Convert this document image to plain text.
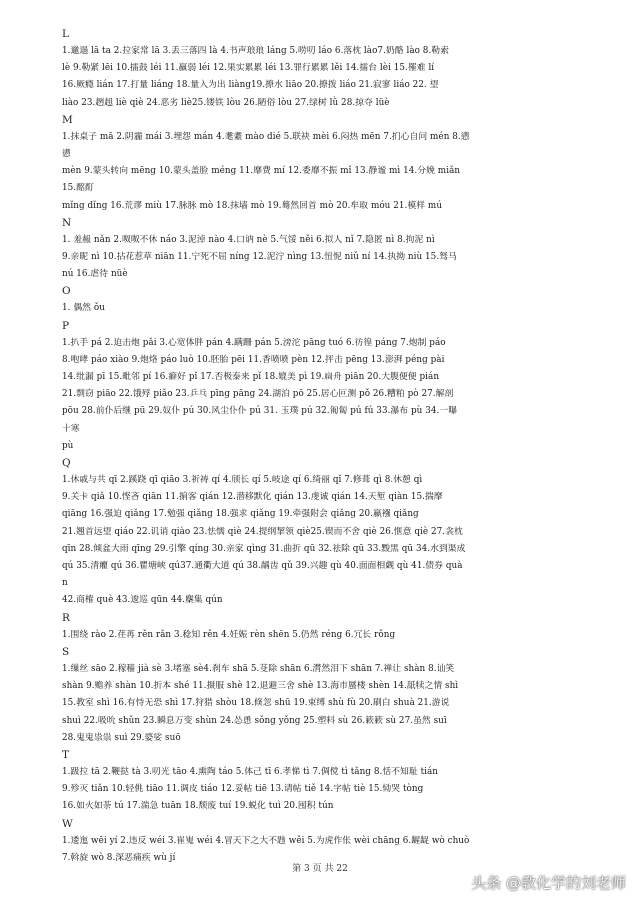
L
1.邋遢 lā ta 2.拉家常 lā 3.丢三落四 là 4.书声琅琅 láng 5.唠叨 láo 6.落枕 lào7.奶酪 lào 8.勒索
lè 9.勒紧 lēi 10.擂鼓 léi 11.羸弱 léi 12.果实累累 léi 13.罪行累累 lěi 14.擂台 lèi 15.罹难 lí
16.厥瘾 lián 17.打量 liáng 18.量入为出 liàng19.撩水 liāo 20.撩拨 liáo 21.寂寥 liáo 22. 望
liào 23.趔趄 liè qiè 24.恶劣 liè25.镂铁 lòu 26.陋俗 lòu 27.绿树 lǜ 28.掠夺 lüè
M
1.抹桌子 mā 2.阴霾 mái 3.埋怨 mán 4.耄耋 mào dié 5.联袂 mèi 6.闷热 mēn 7.扪心自问 mén 8.懑
懑
mèn 9.蒙头转向 mēng 10.蒙头盖脸 méng 11.靡费 mí 12.委靡不振 mǐ 13.静谧 mì 14.分娩 miǎn
15.酩酊
mǐng dǐng 16.荒谬 miù 17.脉脉 mò 18.抹墙 mò 19.蓦然回首 mò 20.牟取 móu 21.模样 mú
N
1. 羞赧 nǎn 2.呶呶不休 náo 3.泥淖 nào 4.口讷 nè 5.气馁 něi 6.拟人 nǐ 7.隐匿 nì 8.拘泥 nì
9.亲昵 nì 10.拈花惹草 niān 11.宁死不屈 níng 12.泥泞 nìng 13.忸怩 niǔ ní 14.执拗 niù 15.驽马
nú 16.虐待 nüè
O
1. 偶然 ǒu
P
1.扒手 pá 2.迫击炮 pǎi 3.心宽体胖 pán 4.蹒跚 pán 5.滂沱 pāng tuó 6.彷徨 páng 7.炮制 páo
8.咆哮 páo xiào 9.炮烙 páo luò 10.胚胎 pēi 11.香喷喷 pèn 12.抨击 pēng 13.澎湃 péng pài
14.纰漏 pī 15.毗邻 pí 16.癖好 pǐ 17.否极泰来 pǐ 18.媲美 pì 19.扁舟 piān 20.大腹便便 pián
21.剽窃 piāo 22.饿殍 piǎo 23.乒乓 pīng pāng 24.湖泊 pō 25.居心叵测 pǒ 26.糟粕 pò 27.解剖
pōu 28.前仆后继 pū 29.奴仆 pú 30.风尘仆仆 pú 31. 玉璞 pú 32.匍匐 pú fú 33.瀑布 pù 34.一曝
十寒
pù
Q
1.休戚与共 qī 2.蹊跷 qī qiāo 3.祈祷 qí 4.颀长 qí 5.岐途 qí 6.绮丽 qǐ 7.修葺 qì 8.休憩 qì
9.关卡 qiǎ 10.悭吝 qiān 11.掮客 qián 12.潜移默化 qián 13.虔诚 qián 14.天堑 qiàn 15.揣摩
qiāng 16.强迫 qiǎng 17.勉强 qiǎng 18.强求 qiǎng 19.牵强附会 qiǎng 20.羸襁 qiǎng
21.翘首远望 qiáo 22.讥诮 qiào 23.怯懦 qiè 24.提纲挈领 qiè25.锲而不舍 qiè 26.惬意 qiè 27.衾枕
qīn 28.倾盆大雨 qīng 29.引擎 qíng 30.亲家 qìng 31.曲折 qū 32.祛除 qū 33.黢黑 qū 34.水到渠成
qú 35.清癯 qú 36.瞿塘峡 qú37.通衢大道 qú 38.龋齿 qǔ 39.兴趣 qù 40.面面相觑 qù 41.债券 quà
n
42.商榷 què 43.逡巡 qūn 44.麇集 qún
R
1.围绕 rào 2.荏苒 rěn rǎn 3.稔知 rěn 4.妊娠 rèn shēn 5.仍然 réng 6.冗长 rǒng
S
1.缫丝 sāo 2.稼穑 jià sè 3.堵塞 sè4.刹车 shā 5.芟除 shān 6.潸然泪下 shān 7.禅让 shàn 8.讪笑
shàn 9.赡养 shàn 10.折本 shé 11.摄服 shè 12.退避三舍 shè 13.海市蜃楼 shèn 14.舐犊之情 shì
15.教室 shì 16.有恃无恐 shì 17.狩猎 shòu 18.倏忽 shū 19.束缚 shù fù 20.刷白 shuà 21.游说
shuì 22.吸吮 shǔn 23.瞬息万变 shùn 24.怂恿 sǒng yǒng 25.塑料 sù 26.簌簌 sù 27.虽然 suī
28.鬼鬼祟祟 suì 29.婆娑 suō
T
1.趿拉 tā 2.鞭挞 tà 3.叨光 tāo 4.熏陶 táo 5.体己 tī 6.孝悌 tì 7.倜傥 tì tǎng 8.恬不知耻 tián
9.殄灭 tiǎn 10.轻佻 tiāo 11.调皮 tiáo 12.妥帖 tiē 13.请帖 tiě 14.字帖 tiè 15.恸哭 tòng
16.如火如荼 tú 17.湍急 tuān 18.颓废 tuí 19.蜕化 tuì 20.囤积 tún
W
1.逶迤 wēi yí 2.违反 wéi 3.崔嵬 wéi 4.冒天下之大不韪 wěi 5.为虎作伥 wèi chāng 6.龌龊 wò chuò
7.斡旋 wò 8.深恶痛疾 wù jí
第 3 页 共 22
头条 @教化学的刘老师
